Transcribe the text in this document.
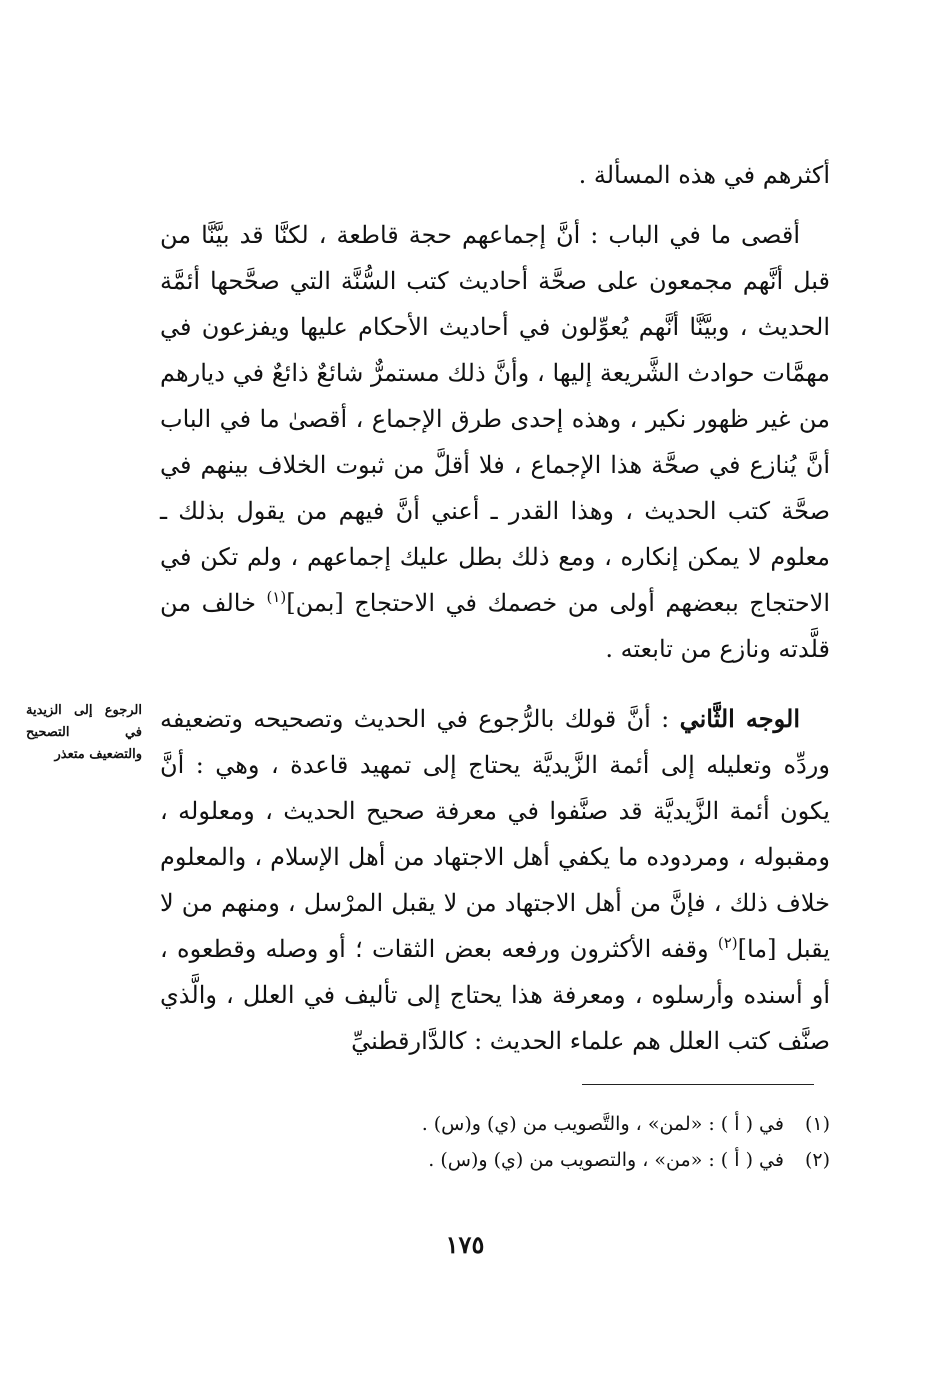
أكثرهم في هذه المسألة .

أقصى ما في الباب : أنَّ إجماعهم حجة قاطعة ، لكنَّا قد بيَّنَّا من قبل أنَّهم مجمعون على صحَّة أحاديث كتب السُّنَّة التي صحَّحها أئمَّة الحديث ، وبيَّنَّا أنَّهم يُعوِّلون في أحاديث الأحكام عليها ويفزعون في مهمَّات حوادث الشَّريعة إليها ، وأنَّ ذلك مستمرٌّ شائعٌ ذائعٌ في ديارهم من غير ظهور نكير ، وهذه إحدى طرق الإجماع ، أقصىٰ ما في الباب أنَّ يُنازع في صحَّة هذا الإجماع ، فلا أقلَّ من ثبوت الخلاف بينهم في صحَّة كتب الحديث ، وهذا القدر ـ أعني أنَّ فيهم من يقول بذلك ـ معلوم لا يمكن إنكاره ، ومع ذلك بطل عليك إجماعهم ، ولم تكن في الاحتجاج ببعضهم أولى من خصمك في الاحتجاج [بمن]$^{(١)}$ خالف من قلَّدته ونازع من تابعته .

الوجه الثَّاني : أنَّ قولك بالرُّجوع في الحديث وتصحيحه وتضعيفه وردِّه وتعليله إلى أئمة الزَّيديَّة يحتاج إلى تمهيد قاعدة ، وهي : أنَّ يكون أئمة الزَّيديَّة قد صنَّفوا في معرفة صحيح الحديث ، ومعلوله ، ومقبوله ، ومردوده ما يكفي أهل الاجتهاد من أهل الإسلام ، والمعلوم خلاف ذلك ، فإنَّ من أهل الاجتهاد من لا يقبل المرْسل ، ومنهم من لا يقبل [ما]$^{(٢)}$ وقفه الأكثرون ورفعه بعض الثقات ؛ أو وصله وقطعوه ، أو أسنده وأرسلوه ، ومعرفة هذا يحتاج إلى تأليف في العلل ، والَّذي صنَّف كتب العلل هم علماء الحديث : كالدَّارقطنيِّ

الرجوع إلى الزيدية في التصحيح والتضعيف متعذر
(١) في ( أ ) : «لمن» ، والتَّصويب من (ي) و(س) .
(٢) في ( أ ) : «من» ، والتصويب من (ي) و(س) .
١٧٥
